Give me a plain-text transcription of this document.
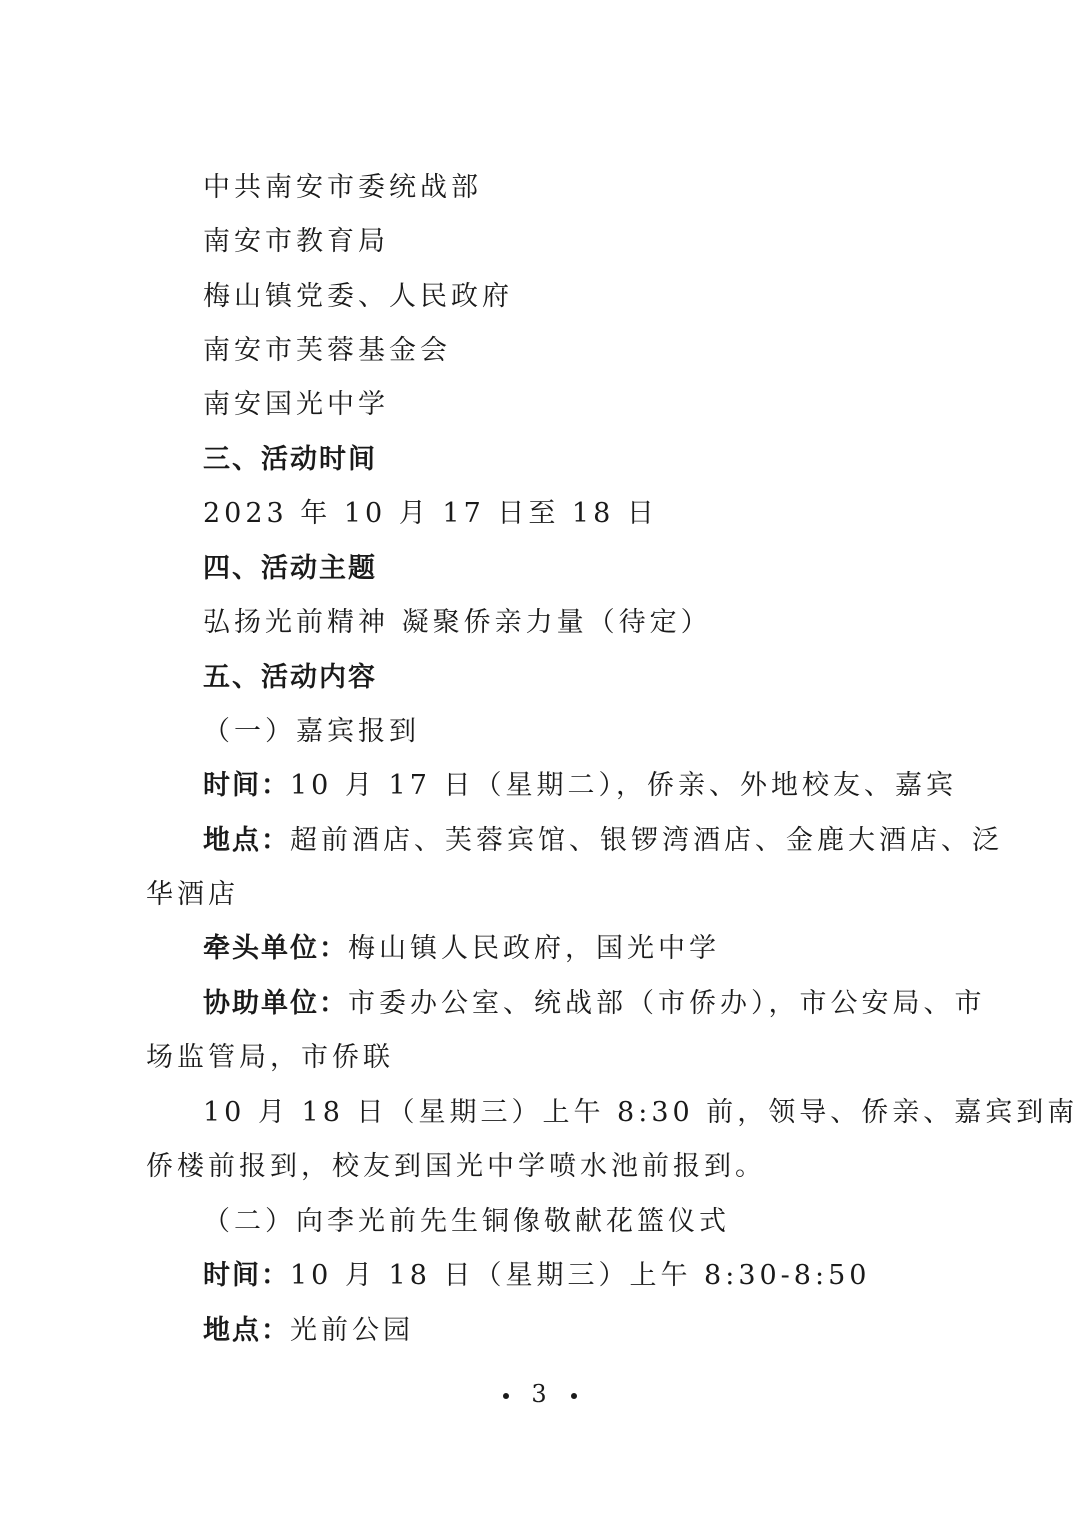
中共南安市委统战部
南安市教育局
梅山镇党委、人民政府
南安市芙蓉基金会
南安国光中学
三、活动时间
2023 年 10 月 17 日至 18 日
四、活动主题
弘扬光前精神 凝聚侨亲力量（待定）
五、活动内容
（一）嘉宾报到
时间：10 月 17 日（星期二），侨亲、外地校友、嘉宾
地点：超前酒店、芙蓉宾馆、银锣湾酒店、金鹿大酒店、泛
华酒店
牵头单位：梅山镇人民政府，国光中学
协助单位：市委办公室、统战部（市侨办），市公安局、市
场监管局，市侨联
10 月 18 日（星期三）上午 8:30 前，领导、侨亲、嘉宾到南
侨楼前报到，校友到国光中学喷水池前报到。
（二）向李光前先生铜像敬献花篮仪式
时间：10 月 18 日（星期三）上午 8:30-8:50
地点：光前公园
3
